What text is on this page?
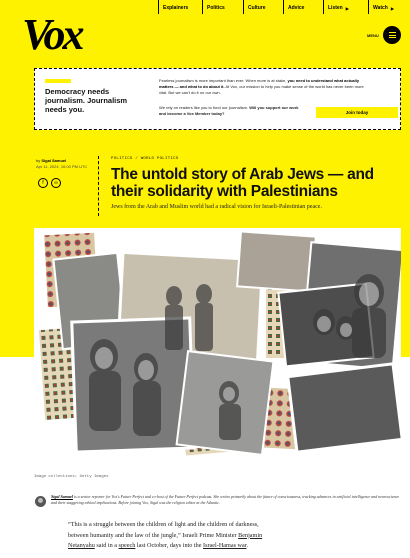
Vox
Explainers	Politics	Culture	Advice	Listen ▶	Watch ▶
MENU
Democracy needs journalism. Journalism needs you.
Fearless journalism is more important than ever. When more is at stake, you need to understand what actually matters — and what to do about it. At Vox, our mission to help you make sense of the world has never been more vital. But we can't do it on our own.
We rely on readers like you to fund our journalism. Will you support our work and become a Vox Member today?	Join today
by Sigal Samuel
Apr 11, 2024, 10:00 PM UTC
f	∞
POLITICS / WORLD POLITICS
The untold story of Arab Jews — and their solidarity with Palestinians
Jews from the Arab and Muslim world had a radical vision for Israeli-Palestinian peace.
Image collections; Getty Images
Sigal Samuel is a senior reporter for Vox's Future Perfect and co-host of the Future Perfect podcast. She writes primarily about the future of consciousness, tracking advances in artificial intelligence and neuroscience and their staggering ethical implications. Before joining Vox, Sigal was the religion editor at the Atlantic.
“This is a struggle between the children of light and the children of darkness, between humanity and the law of the jungle,” Israeli Prime Minister Benjamin Netanyahu said in a speech last October, days into the Israel-Hamas war.
